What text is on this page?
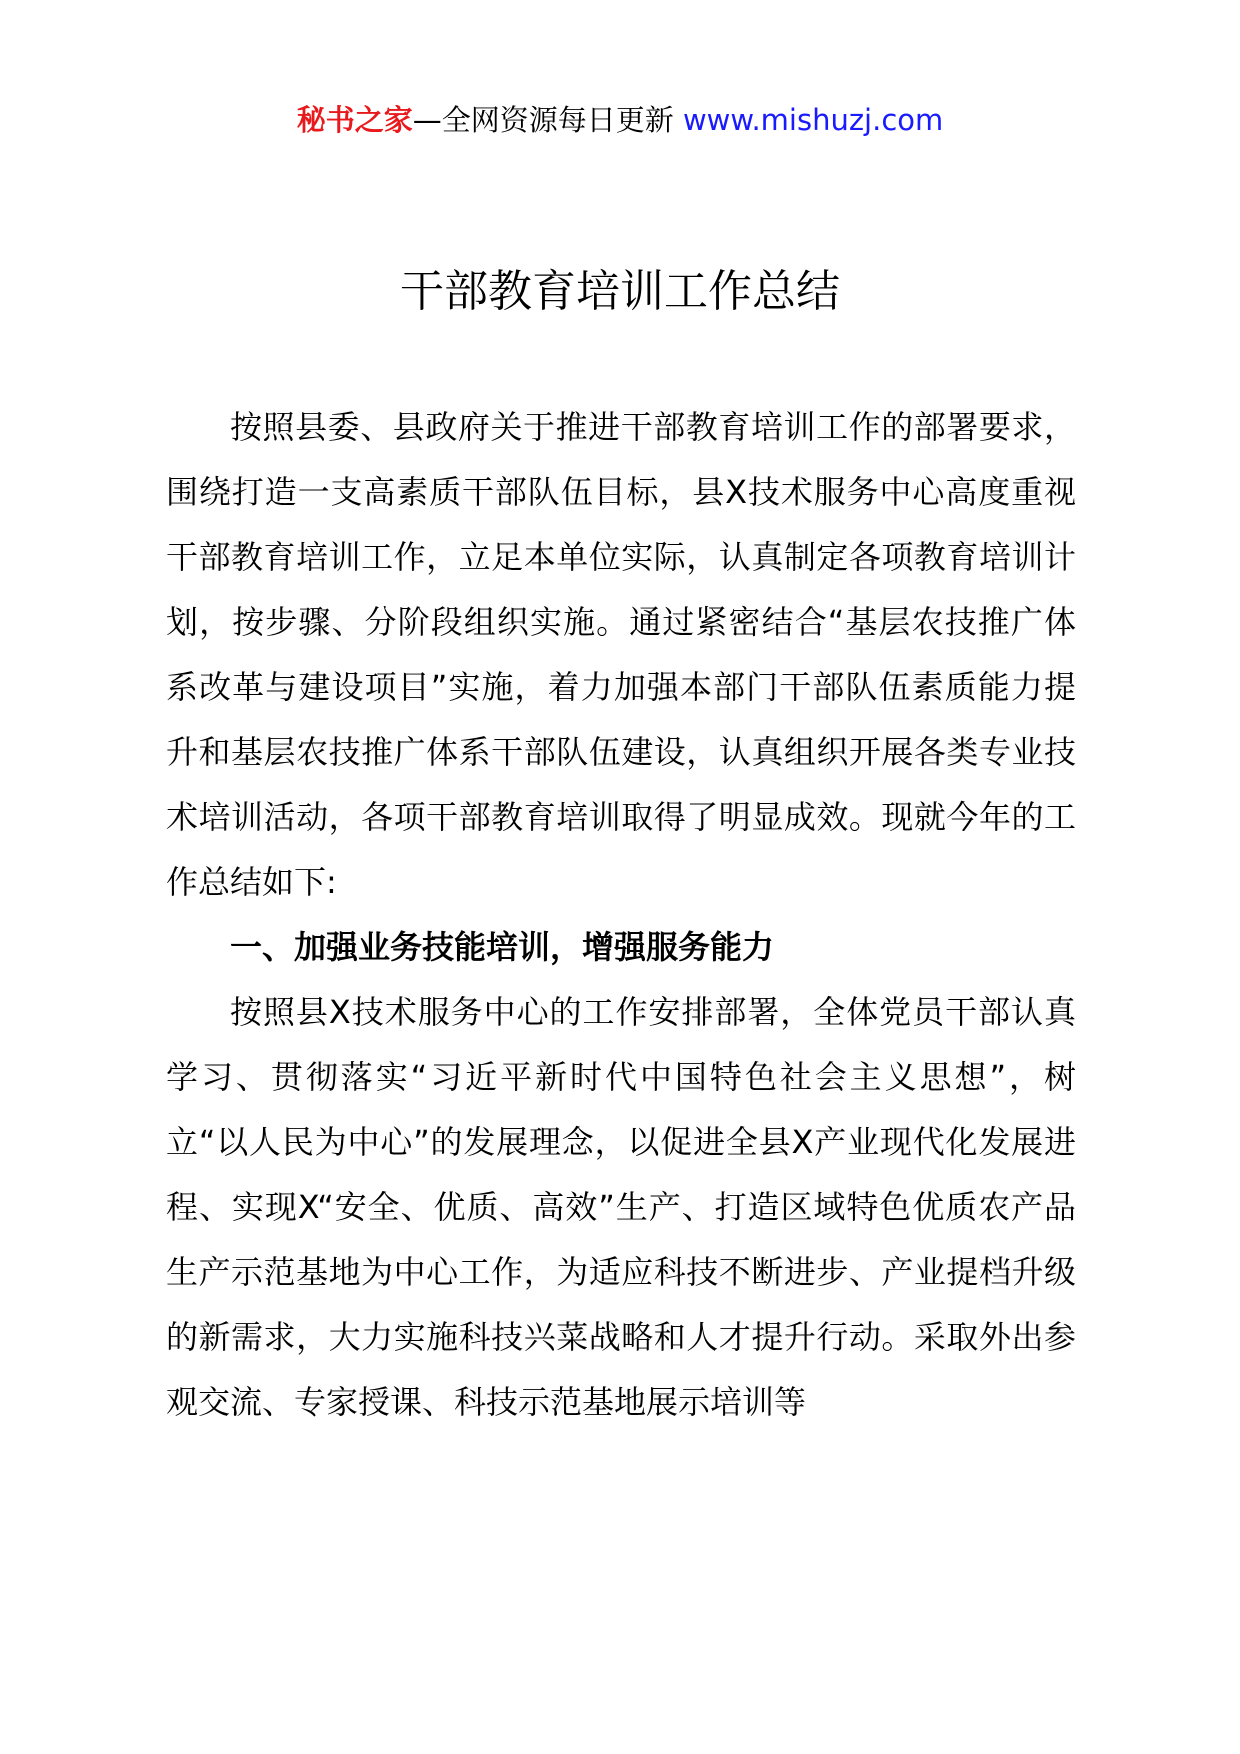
秘书之家—全网资源每日更新 www.mishuzj.com
干部教育培训工作总结

按照县委、县政府关于推进干部教育培训工作的部署要求，围绕打造一支高素质干部队伍目标，县X技术服务中心高度重视干部教育培训工作，立足本单位实际，认真制定各项教育培训计划，按步骤、分阶段组织实施。通过紧密结合“基层农技推广体系改革与建设项目”实施，着力加强本部门干部队伍素质能力提升和基层农技推广体系干部队伍建设，认真组织开展各类专业技术培训活动，各项干部教育培训取得了明显成效。现就今年的工作总结如下:

一、加强业务技能培训，增强服务能力

按照县X技术服务中心的工作安排部署，全体党员干部认真学习、贯彻落实“习近平新时代中国特色社会主义思想”，树立“以人民为中心”的发展理念，以促进全县X产业现代化发展进程、实现X“安全、优质、高效”生产、打造区域特色优质农产品生产示范基地为中心工作，为适应科技不断进步、产业提档升级的新需求，大力实施科技兴菜战略和人才提升行动。采取外出参观交流、专家授课、科技示范基地展示培训等
